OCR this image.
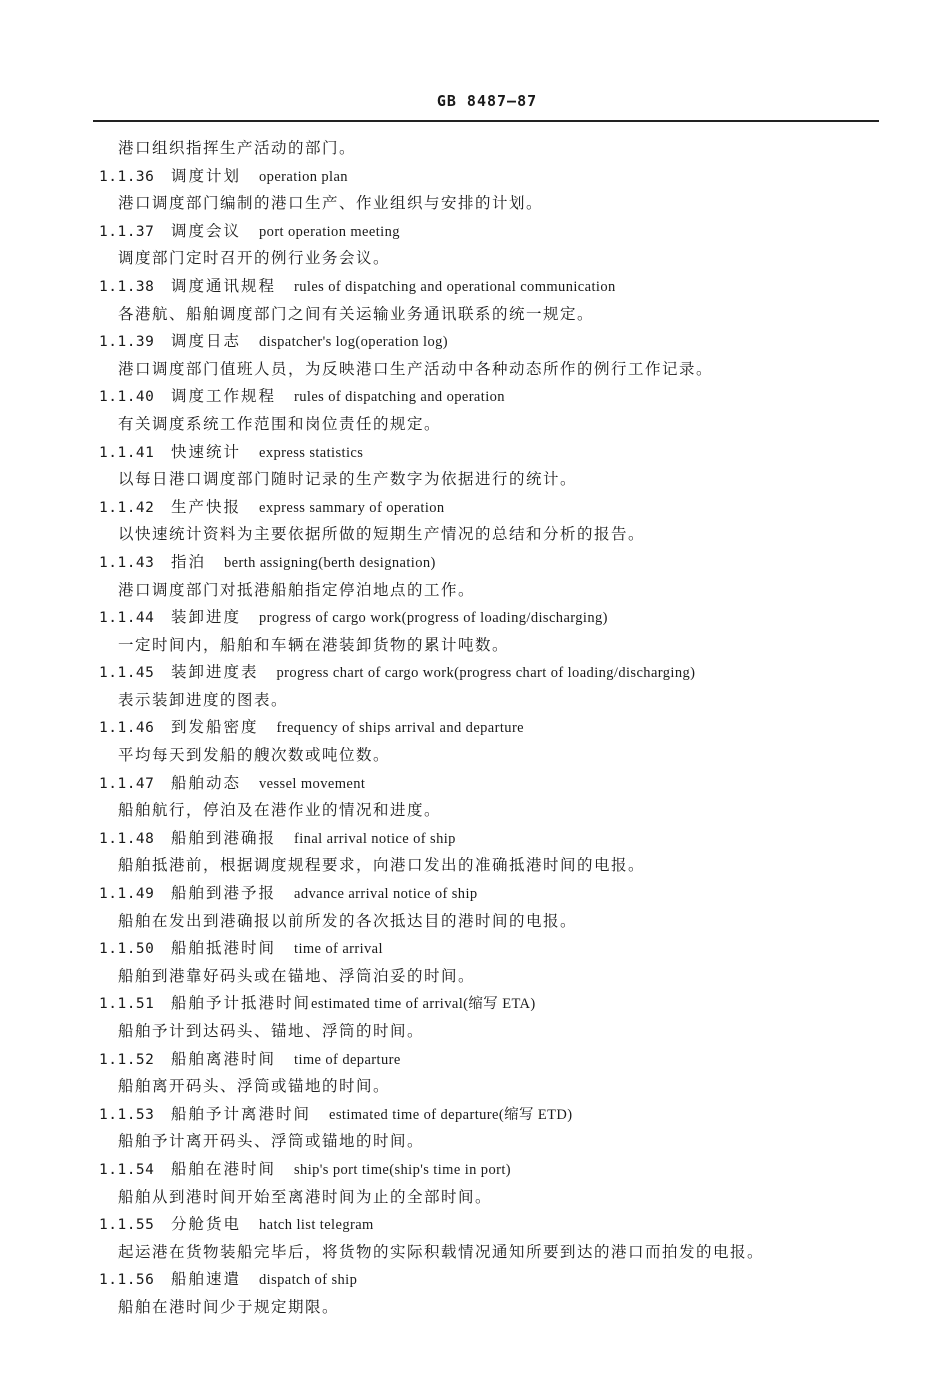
GB 8487—87
港口组织指挥生产活动的部门。
1.1.36 调度计划 operation plan
港口调度部门编制的港口生产、作业组织与安排的计划。
1.1.37 调度会议 port operation meeting
调度部门定时召开的例行业务会议。
1.1.38 调度通讯规程 rules of dispatching and operational communication
各港航、船舶调度部门之间有关运输业务通讯联系的统一规定。
1.1.39 调度日志 dispatcher's log(operation log)
港口调度部门值班人员，为反映港口生产活动中各种动态所作的例行工作记录。
1.1.40 调度工作规程 rules of dispatching and operation
有关调度系统工作范围和岗位责任的规定。
1.1.41 快速统计 express statistics
以每日港口调度部门随时记录的生产数字为依据进行的统计。
1.1.42 生产快报 express sammary of operation
以快速统计资料为主要依据所做的短期生产情况的总结和分析的报告。
1.1.43 指泊 berth assigning(berth designation)
港口调度部门对抵港船舶指定停泊地点的工作。
1.1.44 装卸进度 progress of cargo work(progress of loading/discharging)
一定时间内，船舶和车辆在港装卸货物的累计吨数。
1.1.45 装卸进度表 progress chart of cargo work(progress chart of loading/discharging)
表示装卸进度的图表。
1.1.46 到发船密度 frequency of ships arrival and departure
平均每天到发船的艘次数或吨位数。
1.1.47 船舶动态 vessel movement
船舶航行，停泊及在港作业的情况和进度。
1.1.48 船舶到港确报 final arrival notice of ship
船舶抵港前，根据调度规程要求，向港口发出的准确抵港时间的电报。
1.1.49 船舶到港予报 advance arrival notice of ship
船舶在发出到港确报以前所发的各次抵达目的港时间的电报。
1.1.50 船舶抵港时间 time of arrival
船舶到港靠好码头或在锚地、浮筒泊妥的时间。
1.1.51 船舶予计抵港时间estimated time of arrival(缩写 ETA)
船舶予计到达码头、锚地、浮筒的时间。
1.1.52 船舶离港时间 time of departure
船舶离开码头、浮筒或锚地的时间。
1.1.53 船舶予计离港时间 estimated time of departure(缩写 ETD)
船舶予计离开码头、浮筒或锚地的时间。
1.1.54 船舶在港时间 ship's port time(ship's time in port)
船舶从到港时间开始至离港时间为止的全部时间。
1.1.55 分舱货电 hatch list telegram
起运港在货物装船完毕后，将货物的实际积载情况通知所要到达的港口而拍发的电报。
1.1.56 船舶速遣 dispatch of ship
船舶在港时间少于规定期限。
